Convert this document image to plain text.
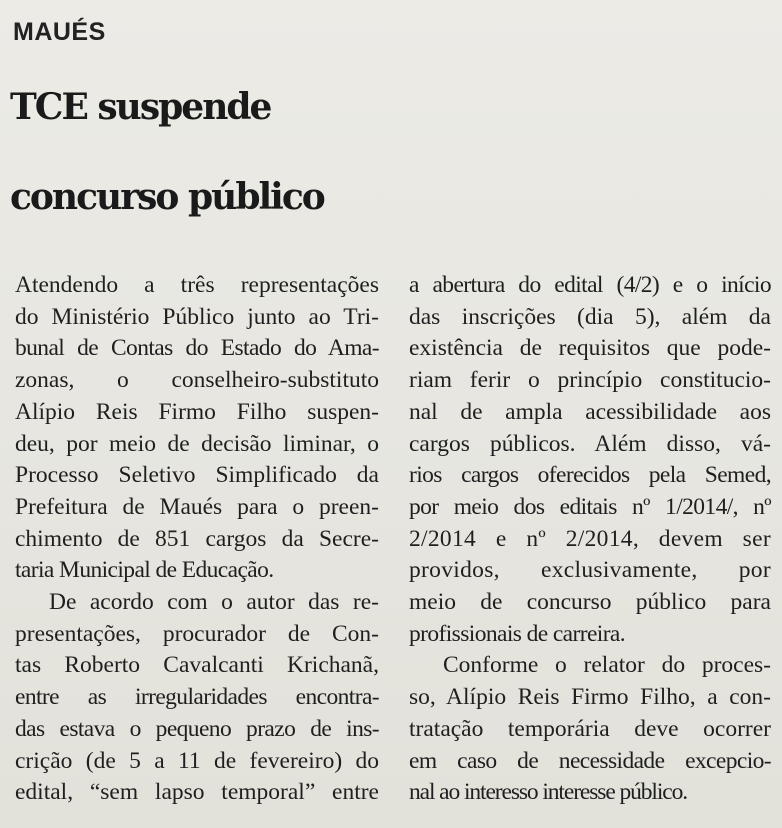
MAUÉS
TCE suspende
concurso público
Atendendo a três representações
do Ministério Público junto ao Tri-
bunal de Contas do Estado do Ama-
zonas, o conselheiro-substituto
Alípio Reis Firmo Filho suspen-
deu, por meio de decisão liminar, o
Processo Seletivo Simplificado da
Prefeitura de Maués para o preen-
chimento de 851 cargos da Secre-
taria Municipal de Educação.
De acordo com o autor das re-
presentações, procurador de Con-
tas Roberto Cavalcanti Krichanã,
entre as irregularidades encontra-
das estava o pequeno prazo de ins-
crição (de 5 a 11 de fevereiro) do
edital, “sem lapso temporal” entre
a abertura do edital (4/2) e o início
das inscrições (dia 5), além da
existência de requisitos que pode-
riam ferir o princípio constitucio-
nal de ampla acessibilidade aos
cargos públicos. Além disso, vá-
rios cargos oferecidos pela Semed,
por meio dos editais nº 1/2014/, nº
2/2014 e nº 2/2014, devem ser
providos, exclusivamente, por
meio de concurso público para
profissionais de carreira.
Conforme o relator do proces-
so, Alípio Reis Firmo Filho, a con-
tratação temporária deve ocorrer
em caso de necessidade excepcio-
nal ao interesso interesse público.
